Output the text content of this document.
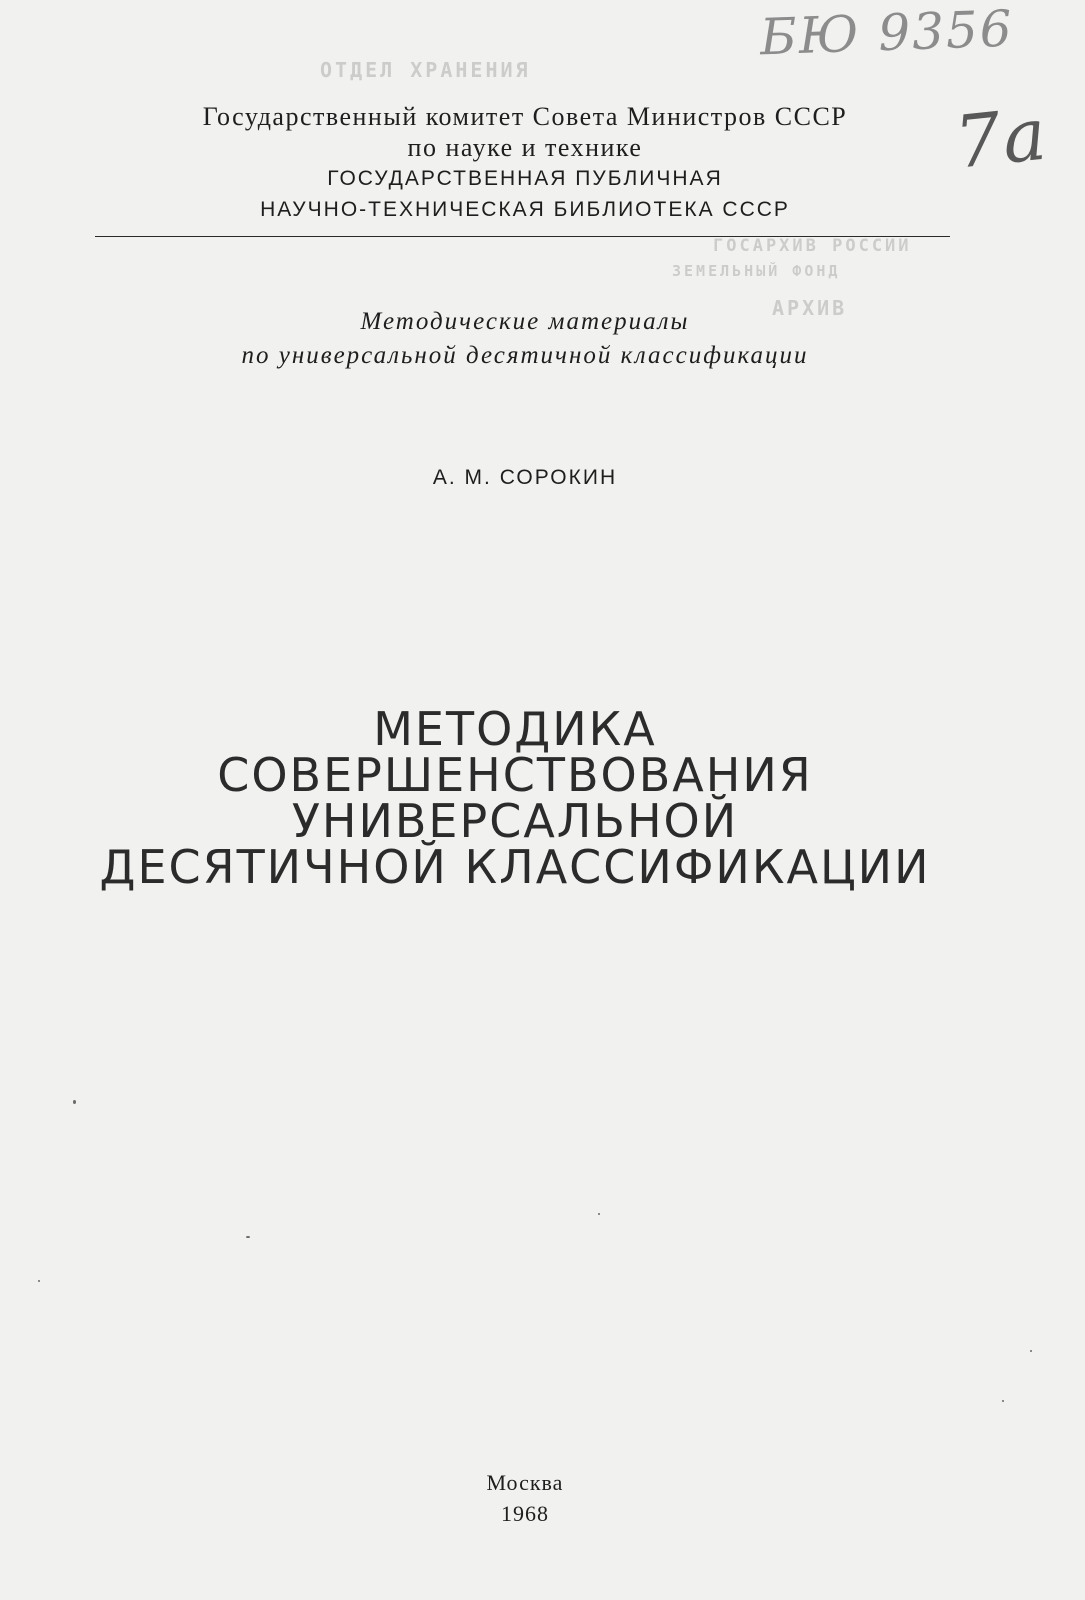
БЮ 9356
7а
ОТДЕЛ ХРАНЕНИЯ
ГОСАРХИВ РОССИИ
ЗЕМЕЛЬНЫЙ ФОНД
АРХИВ
Государственный комитет Совета Министров СССР
по науке и технике
ГОСУДАРСТВЕННАЯ ПУБЛИЧНАЯ
НАУЧНО-ТЕХНИЧЕСКАЯ БИБЛИОТЕКА СССР
Методические материалы
по универсальной десятичной классификации
А. М. СОРОКИН
МЕТОДИКА
СОВЕРШЕНСТВОВАНИЯ
УНИВЕРСАЛЬНОЙ
ДЕСЯТИЧНОЙ КЛАССИФИКАЦИИ
Москва
1968
